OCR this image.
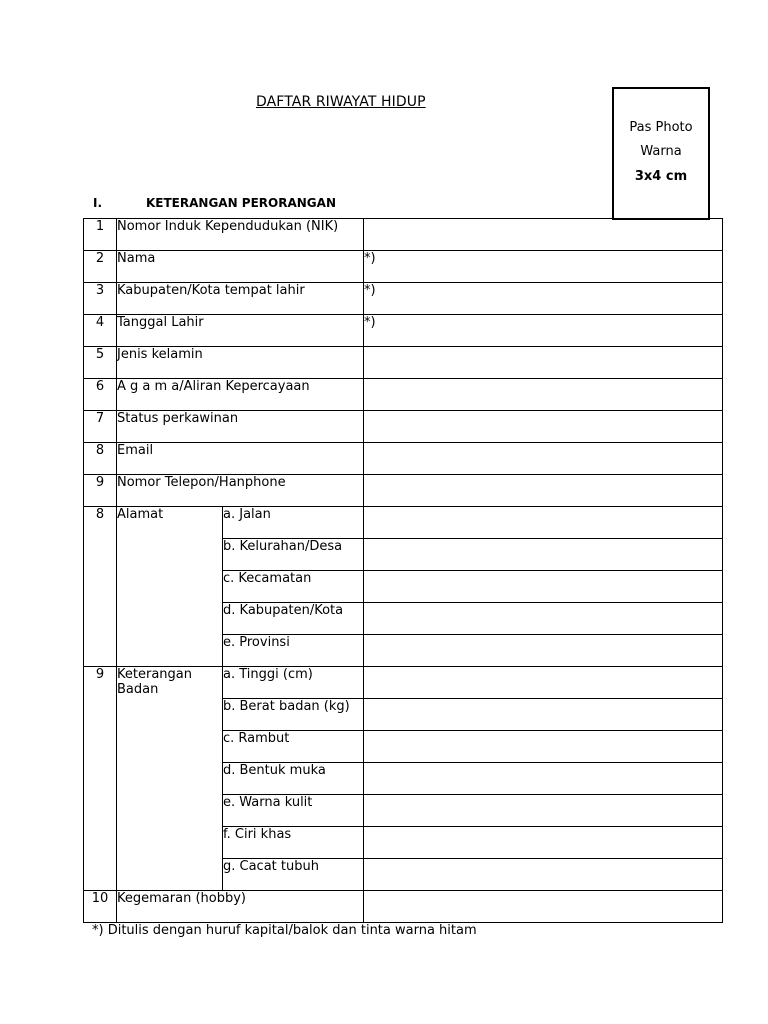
DAFTAR RIWAYAT HIDUP
Pas Photo
Warna
3x4 cm
I.	KETERANGAN PERORANGAN
1	Nomor Induk Kependudukan (NIK)		
2	Nama		*)
3	Kabupaten/Kota tempat lahir		*)
4	Tanggal Lahir		*)
5	Jenis kelamin		
6	A g a m a/Aliran Kepercayaan		
7	Status perkawinan		
8	Email		
9	Nomor Telepon/Hanphone		
8	Alamat	a. Jalan	
		b. Kelurahan/Desa	
		c. Kecamatan	
		d. Kabupaten/Kota	
		e. Provinsi	
9	Keterangan Badan	a. Tinggi (cm)	
		b. Berat badan (kg)	
		c. Rambut	
		d. Bentuk muka	
		e. Warna kulit	
		f. Ciri khas	
		g. Cacat tubuh	
10	Kegemaran (hobby)		
*) Ditulis dengan huruf kapital/balok dan tinta warna hitam
